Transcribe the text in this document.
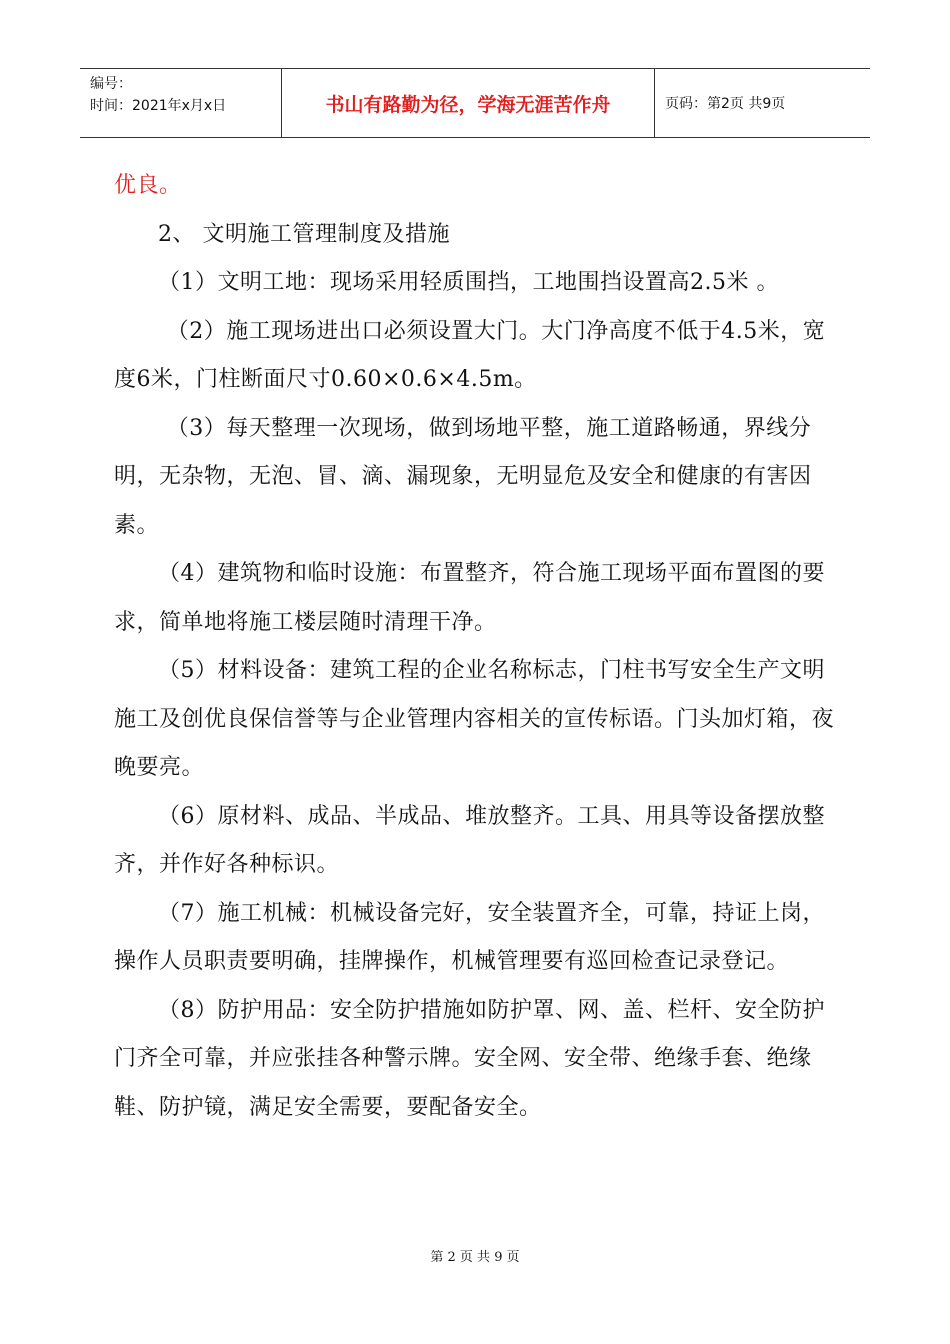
编号：
时间：2021年x月x日	书山有路勤为径，学海无涯苦作舟	页码：第2页 共9页

优良。

2、 文明施工管理制度及措施

（1）文明工地：现场采用轻质围挡，工地围挡设置高2.5米 。

（2）施工现场进出口必须设置大门。大门净高度不低于4.5米，宽度6米，门柱断面尺寸0.60×0.6×4.5m。

（3）每天整理一次现场，做到场地平整，施工道路畅通，界线分明，无杂物，无泡、冒、滴、漏现象，无明显危及安全和健康的有害因素。

（4）建筑物和临时设施：布置整齐，符合施工现场平面布置图的要求，简单地将施工楼层随时清理干净。

（5）材料设备：建筑工程的企业名称标志，门柱书写安全生产文明施工及创优良保信誉等与企业管理内容相关的宣传标语。门头加灯箱，夜晚要亮。

（6）原材料、成品、半成品、堆放整齐。工具、用具等设备摆放整齐，并作好各种标识。

（7）施工机械：机械设备完好，安全装置齐全，可靠，持证上岗，操作人员职责要明确，挂牌操作，机械管理要有巡回检查记录登记。

（8）防护用品：安全防护措施如防护罩、网、盖、栏杆、安全防护门齐全可靠，并应张挂各种警示牌。安全网、安全带、绝缘手套、绝缘鞋、防护镜，满足安全需要，要配备安全。

第 2 页 共 9 页
